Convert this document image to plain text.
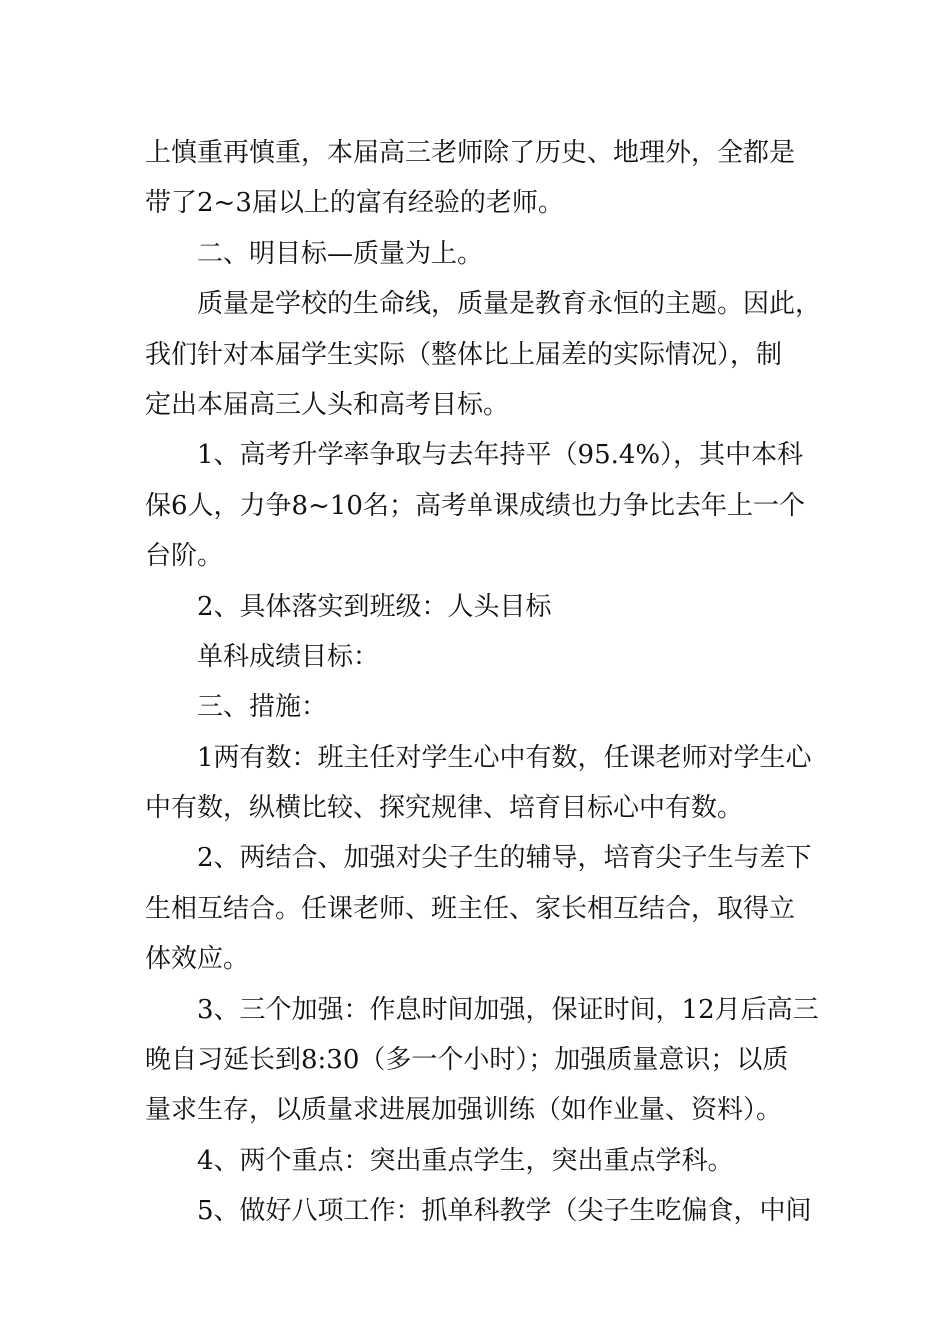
上慎重再慎重，本届高三老师除了历史、地理外，全都是
带了2~3届以上的富有经验的老师。
二、明目标—质量为上。
质量是学校的生命线，质量是教育永恒的主题。因此，
我们针对本届学生实际（整体比上届差的实际情况），制
定出本届高三人头和高考目标。
1、高考升学率争取与去年持平（95.4%），其中本科
保6人，力争8~10名；高考单课成绩也力争比去年上一个
台阶。
2、具体落实到班级：人头目标
单科成绩目标：
三、措施：
1两有数：班主任对学生心中有数，任课老师对学生心
中有数，纵横比较、探究规律、培育目标心中有数。
2、两结合、加强对尖子生的辅导，培育尖子生与差下
生相互结合。任课老师、班主任、家长相互结合，取得立
体效应。
3、三个加强：作息时间加强，保证时间，12月后高三
晚自习延长到8:30（多一个小时）；加强质量意识；以质
量求生存，以质量求进展加强训练（如作业量、资料）。
4、两个重点：突出重点学生，突出重点学科。
5、做好八项工作：抓单科教学（尖子生吃偏食，中间
